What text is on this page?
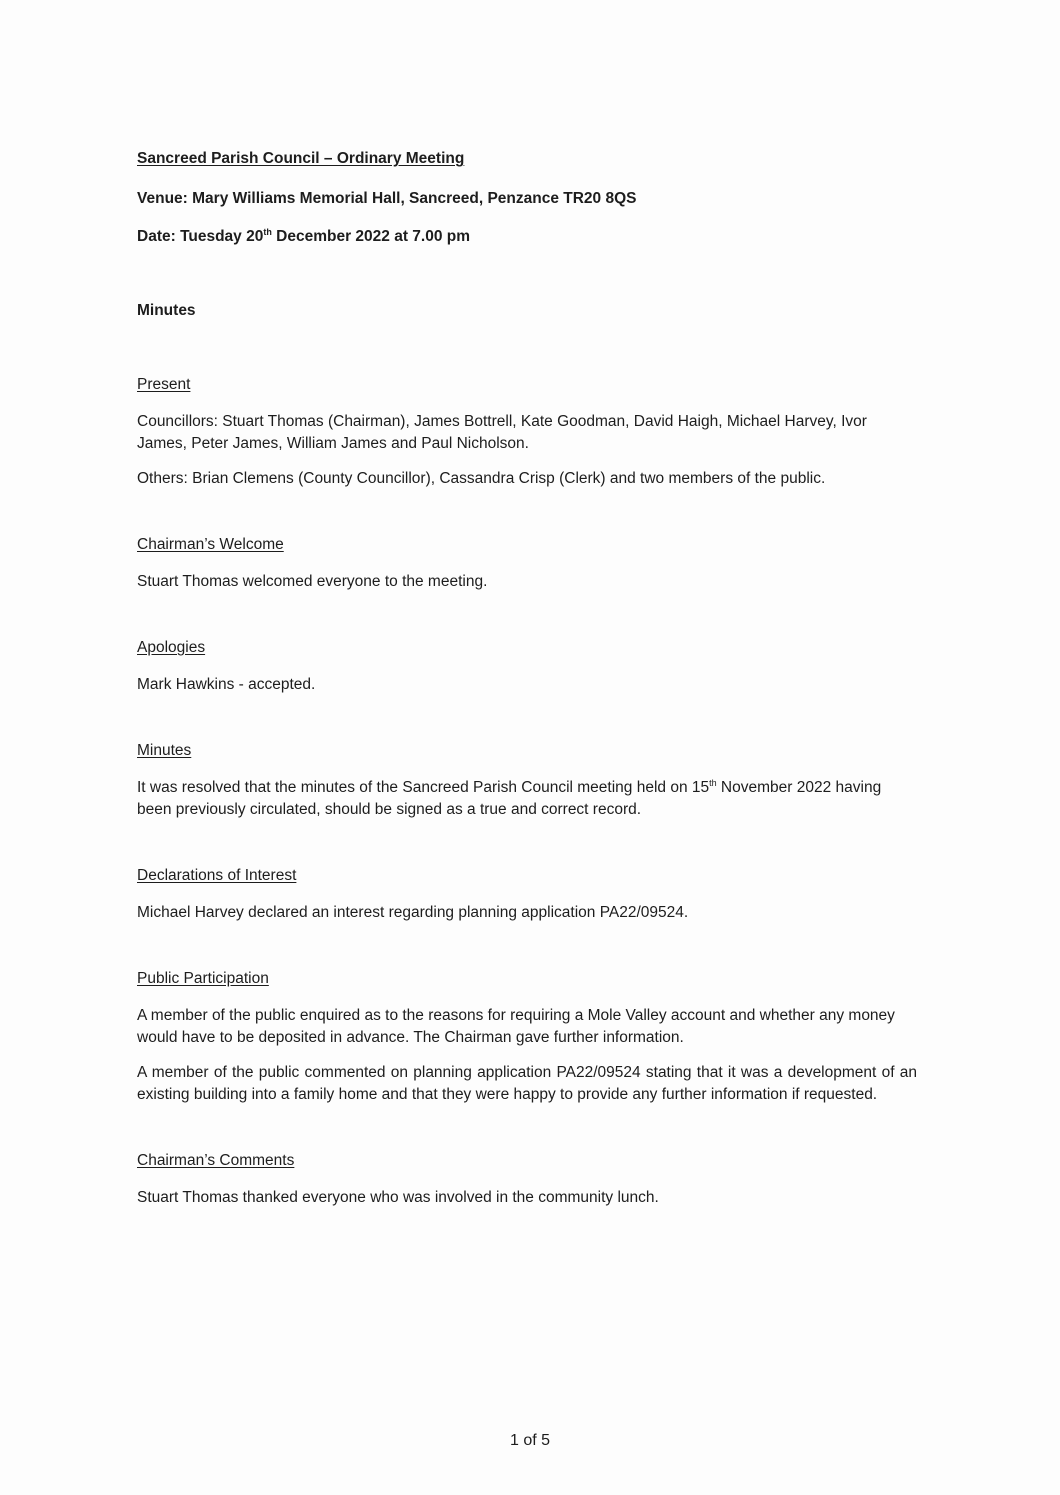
Sancreed Parish Council – Ordinary Meeting

Venue: Mary Williams Memorial Hall, Sancreed, Penzance TR20 8QS

Date: Tuesday 20th December 2022 at 7.00 pm

Minutes

Present

Councillors: Stuart Thomas (Chairman), James Bottrell, Kate Goodman, David Haigh, Michael Harvey, Ivor James, Peter James, William James and Paul Nicholson.

Others: Brian Clemens (County Councillor), Cassandra Crisp (Clerk) and two members of the public.

Chairman’s Welcome

Stuart Thomas welcomed everyone to the meeting.

Apologies

Mark Hawkins - accepted.

Minutes

It was resolved that the minutes of the Sancreed Parish Council meeting held on 15th November 2022 having been previously circulated, should be signed as a true and correct record.

Declarations of Interest

Michael Harvey declared an interest regarding planning application PA22/09524.

Public Participation

A member of the public enquired as to the reasons for requiring a Mole Valley account and whether any money would have to be deposited in advance. The Chairman gave further information.

A member of the public commented on planning application PA22/09524 stating that it was a development of an existing building into a family home and that they were happy to provide any further information if requested.

Chairman’s Comments

Stuart Thomas thanked everyone who was involved in the community lunch.

1 of 5
